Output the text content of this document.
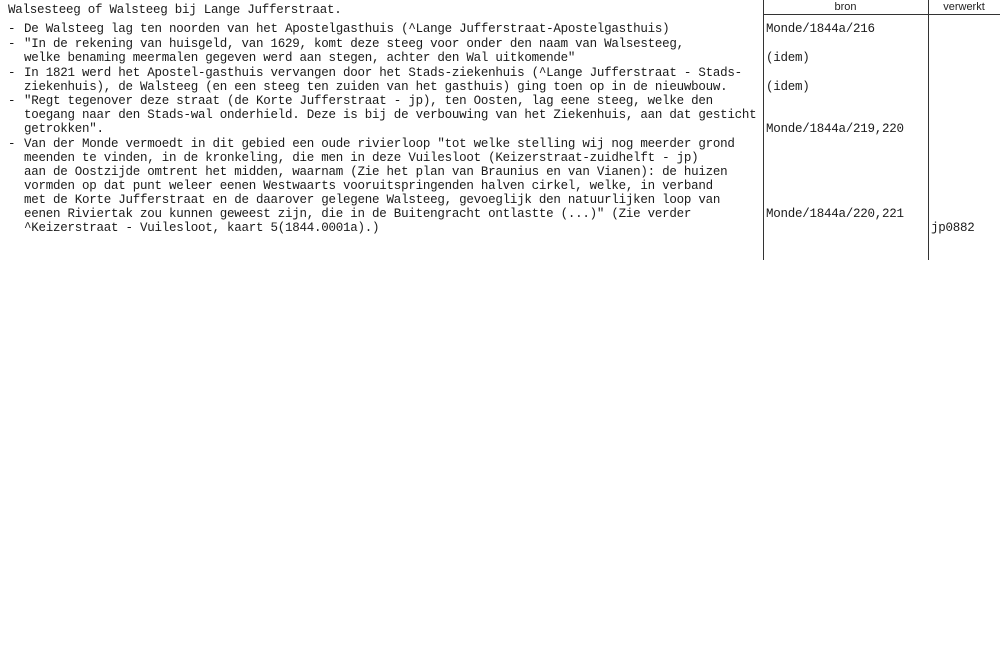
Walsesteeg of Walsteeg bij Lange Jufferstraat.	bron	verwerkt
- De Walsteeg lag ten noorden van het Apostelgasthuis (^Lange Jufferstraat-Apostelgasthuis)
- "In de rekening van huisgeld, van 1629, komt deze steeg voor onder den naam van Walsesteeg,
welke benaming meermalen gegeven werd aan stegen, achter den Wal uitkomende"
- In 1821 werd het Apostel-gasthuis vervangen door het Stads-ziekenhuis (^Lange Jufferstraat - Stads-
ziekenhuis), de Walsteeg (en een steeg ten zuiden van het gasthuis) ging toen op in de nieuwbouw.
- "Regt tegenover deze straat (de Korte Jufferstraat - jp), ten Oosten, lag eene steeg, welke den
toegang naar den Stads-wal onderhield. Deze is bij de verbouwing van het Ziekenhuis, aan dat gesticht
getrokken".
- Van der Monde vermoedt in dit gebied een oude rivierloop "tot welke stelling wij nog meerder grond
meenden te vinden, in de kronkeling, die men in deze Vuilesloot (Keizerstraat-zuidhelft - jp)
aan de Oostzijde omtrent het midden, waarnam (Zie het plan van Braunius en van Vianen): de huizen
vormden op dat punt weleer eenen Westwaarts vooruitspringenden halven cirkel, welke, in verband
met de Korte Jufferstraat en de daarover gelegene Walsteeg, gevoeglijk den natuurlijken loop van
eenen Riviertak zou kunnen geweest zijn, die in de Buitengracht ontlastte (...)" (Zie verder
^Keizerstraat - Vuilesloot, kaart 5(1844.0001a).)
Monde/1844a/216
(idem)
(idem)
Monde/1844a/219,220
Monde/1844a/220,221
jp0882
